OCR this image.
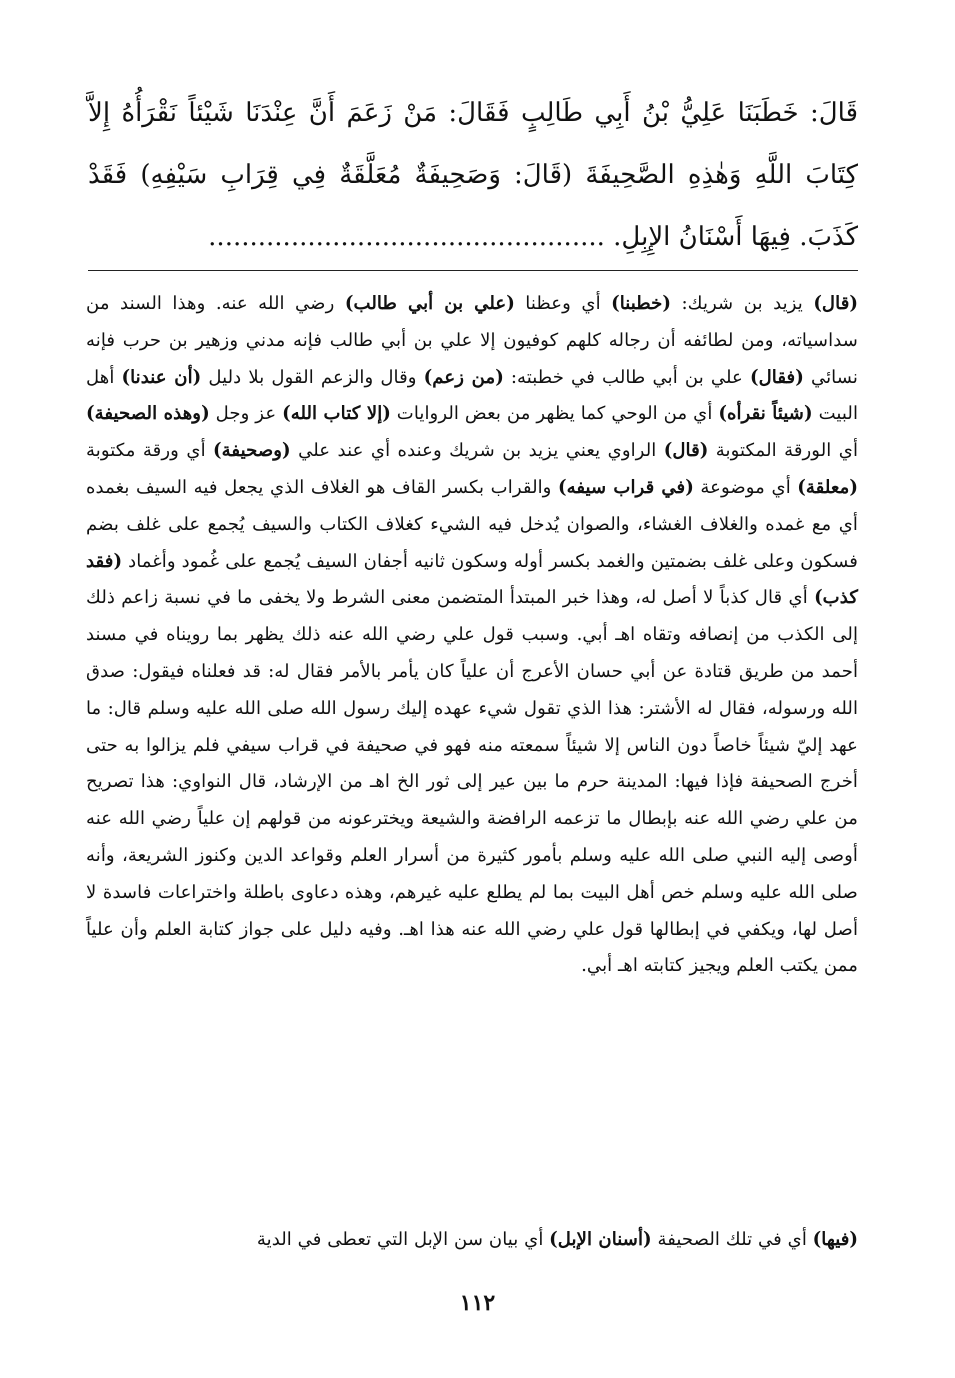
قَالَ: خَطَبَنَا عَلِيُّ بْنُ أَبِي طَالِبٍ فَقَالَ: مَنْ زَعَمَ أَنَّ عِنْدَنَا شَيْئاً نَقْرَأُهُ إِلاَّ كِتَابَ اللَّهِ وَهٰذِهِ الصَّحِيفَةَ (قَالَ: وَصَحِيفَةٌ مُعَلَّقَةٌ فِي قِرَابِ سَيْفِهِ) فَقَدْ كَذَبَ. فِيهَا أَسْنَانُ الإِبِلِ. ................................................

(قال) يزيد بن شريك: (خطبنا) أي وعظنا (علي بن أبي طالب) رضي الله عنه. وهذا السند من سداسياته، ومن لطائفه أن رجاله كلهم كوفيون إلا علي بن أبي طالب فإنه مدني وزهير بن حرب فإنه نسائي (فقال) علي بن أبي طالب في خطبته: (من زعم) وقال والزعم القول بلا دليل (أن عندنا) أهل البيت (شيئاً نقرأه) أي من الوحي كما يظهر من بعض الروايات (إلا كتاب الله) عز وجل (وهذه الصحيفة) أي الورقة المكتوبة (قال) الراوي يعني يزيد بن شريك وعنده أي عند علي (وصحيفة) أي ورقة مكتوبة (معلقة) أي موضوعة (في قراب سيفه) والقراب بكسر القاف هو الغلاف الذي يجعل فيه السيف بغمده أي مع غمده والغلاف الغشاء، والصوان يُدخل فيه الشيء كغلاف الكتاب والسيف يُجمع على غلف بضم فسكون وعلى غلف بضمتين والغمد بكسر أوله وسكون ثانيه أجفان السيف يُجمع على غُمود وأغماد (فقد كذب) أي قال كذباً لا أصل له، وهذا خبر المبتدأ المتضمن معنى الشرط ولا يخفى ما في نسبة زاعم ذلك إلى الكذب من إنصافه وتقاه اهـ أبي. وسبب قول علي رضي الله عنه ذلك يظهر بما رويناه في مسند أحمد من طريق قتادة عن أبي حسان الأعرج أن علياً كان يأمر بالأمر فقال له: قد فعلناه فيقول: صدق الله ورسوله، فقال له الأشتر: هذا الذي تقول شيء عهده إليك رسول الله صلى الله عليه وسلم قال: ما عهد إليّ شيئاً خاصاً دون الناس إلا شيئاً سمعته منه فهو في صحيفة في قراب سيفي فلم يزالوا به حتى أخرج الصحيفة فإذا فيها: المدينة حرم ما بين عير إلى ثور الخ اهـ من الإرشاد، قال النواوي: هذا تصريح من علي رضي الله عنه بإبطال ما تزعمه الرافضة والشيعة ويخترعونه من قولهم إن علياً رضي الله عنه أوصى إليه النبي صلى الله عليه وسلم بأمور كثيرة من أسرار العلم وقواعد الدين وكنوز الشريعة، وأنه صلى الله عليه وسلم خص أهل البيت بما لم يطلع عليه غيرهم، وهذه دعاوى باطلة واختراعات فاسدة لا أصل لها، ويكفي في إبطالها قول علي رضي الله عنه هذا اهـ. وفيه دليل على جواز كتابة العلم وأن علياً ممن يكتب العلم ويجيز كتابته اهـ أبي.

(فيها) أي في تلك الصحيفة (أسنان الإبل) أي بيان سن الإبل التي تعطى في الدية

١١٢
